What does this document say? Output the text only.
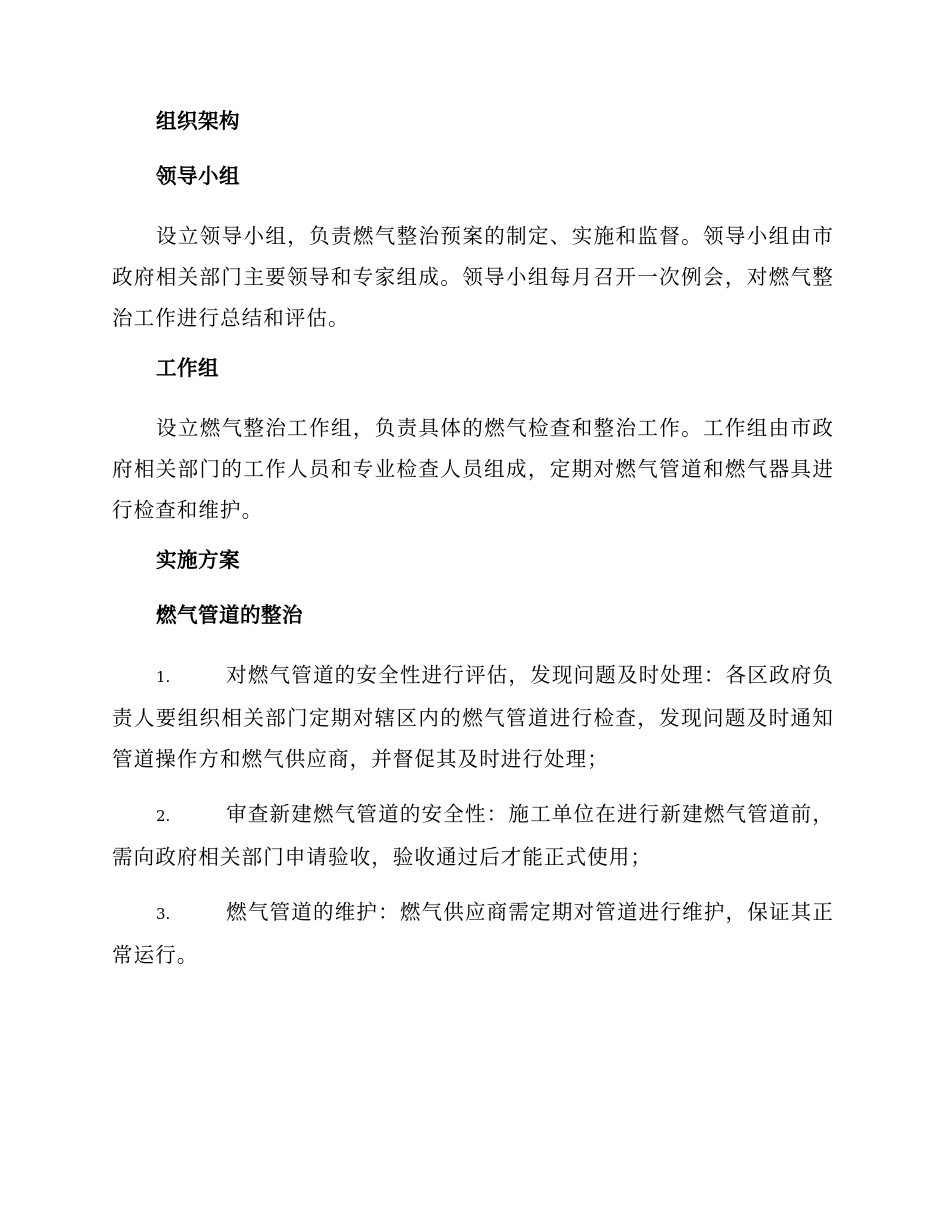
组织架构
领导小组

设立领导小组，负责燃气整治预案的制定、实施和监督。领导小组由市政府相关部门主要领导和专家组成。领导小组每月召开一次例会，对燃气整治工作进行总结和评估。

工作组

设立燃气整治工作组，负责具体的燃气检查和整治工作。工作组由市政府相关部门的工作人员和专业检查人员组成，定期对燃气管道和燃气器具进行检查和维护。

实施方案
燃气管道的整治

1.	对燃气管道的安全性进行评估，发现问题及时处理：各区政府负责人要组织相关部门定期对辖区内的燃气管道进行检查，发现问题及时通知管道操作方和燃气供应商，并督促其及时进行处理；

2.	审查新建燃气管道的安全性：施工单位在进行新建燃气管道前，需向政府相关部门申请验收，验收通过后才能正式使用；

3.	燃气管道的维护：燃气供应商需定期对管道进行维护，保证其正常运行。
